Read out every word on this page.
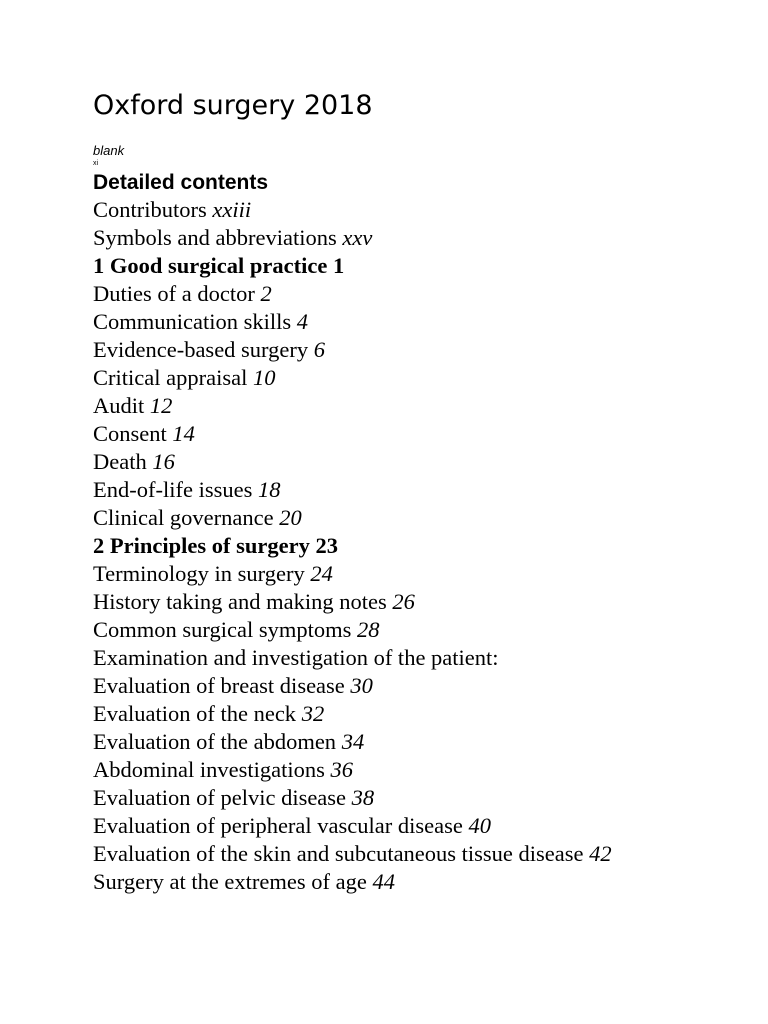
Oxford surgery 2018
blank
xi
Detailed contents
Contributors xxiii
Symbols and abbreviations xxv
1 Good surgical practice 1
Duties of a doctor 2
Communication skills 4
Evidence-based surgery 6
Critical appraisal 10
Audit 12
Consent 14
Death 16
End-of-life issues 18
Clinical governance 20
2 Principles of surgery 23
Terminology in surgery 24
History taking and making notes 26
Common surgical symptoms 28
Examination and investigation of the patient:
Evaluation of breast disease 30
Evaluation of the neck 32
Evaluation of the abdomen 34
Abdominal investigations 36
Evaluation of pelvic disease 38
Evaluation of peripheral vascular disease 40
Evaluation of the skin and subcutaneous tissue disease 42
Surgery at the extremes of age 44
